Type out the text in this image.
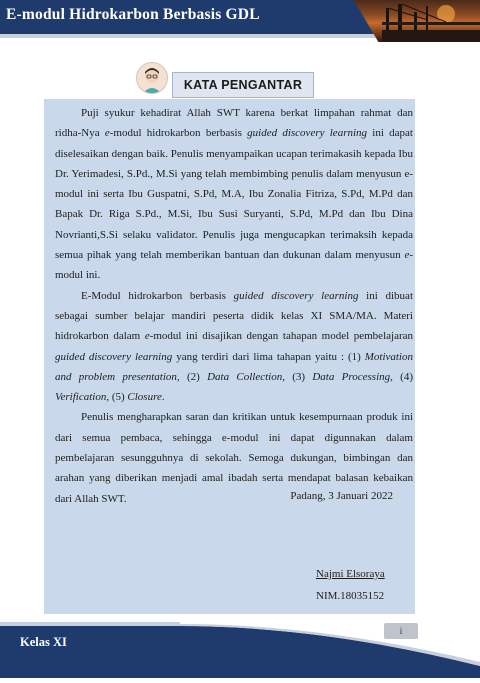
E-modul Hidrokarbon Berbasis GDL
KATA PENGANTAR

Puji syukur kehadirat Allah SWT karena berkat limpahan rahmat dan ridha-Nya e-modul hidrokarbon berbasis guided discovery learning ini dapat diselesaikan dengan baik. Penulis menyampaikan ucapan terimakasih kepada Ibu Dr. Yerimadesi, S.Pd., M.Si yang telah membimbing penulis dalam menyusun e-modul ini serta Ibu Guspatni, S.Pd, M.A, Ibu Zonalia Fitriza, S.Pd, M.Pd dan Bapak Dr. Riga S.Pd., M.Si, Ibu Susi Suryanti, S.Pd, M.Pd dan Ibu Dina Novrianti,S.Si selaku validator. Penulis juga mengucapkan terimaksih kepada semua pihak yang telah memberikan bantuan dan dukunan dalam menyusun e-modul ini.

E-Modul hidrokarbon berbasis guided discovery learning ini dibuat sebagai sumber belajar mandiri peserta didik kelas XI SMA/MA. Materi hidrokarbon dalam e-modul ini disajikan dengan tahapan model pembelajaran guided discovery learning yang terdiri dari lima tahapan yaitu : (1) Motivation and problem presentation, (2) Data Collection, (3) Data Processing, (4) Verification, (5) Closure.

Penulis mengharapkan saran dan kritikan untuk kesempurnaan produk ini dari semua pembaca, sehingga e-modul ini dapat digunnakan dalam pembelajaran sesungguhnya di sekolah. Semoga dukungan, bimbingan dan arahan yang diberikan menjadi amal ibadah serta mendapat balasan kebaikan dari Allah SWT.	Padang, 3 Januari 2022
Najmi Elsoraya
NIM.18035152
i
Kelas XI
